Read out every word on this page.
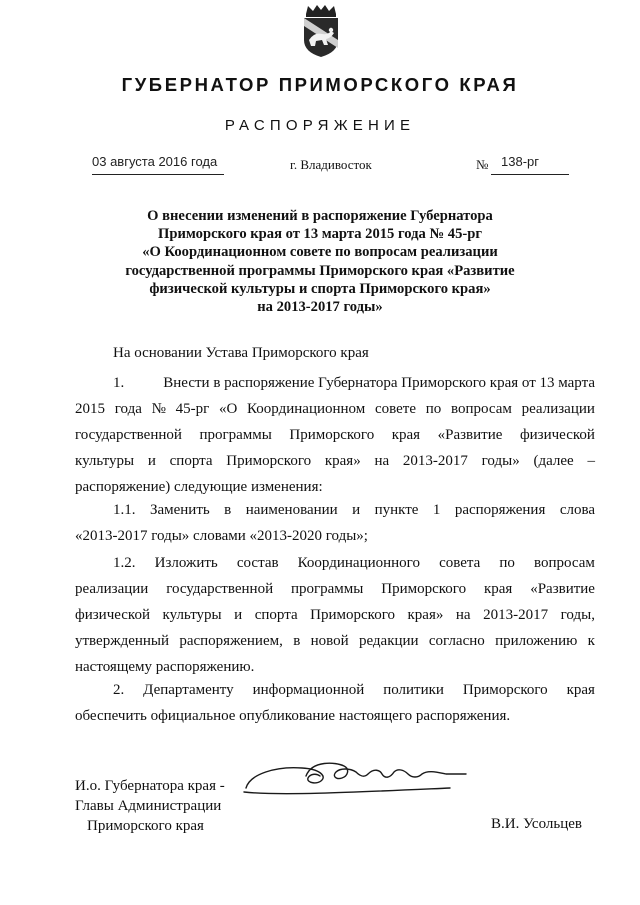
ГУБЕРНАТОР ПРИМОРСКОГО КРАЯ
РАСПОРЯЖЕНИЕ
03 августа 2016 года	г. Владивосток	№ 138-рг
О внесении изменений в распоряжение Губернатора
Приморского края от 13 марта 2015 года № 45-рг
«О Координационном совете по вопросам реализации
государственной программы Приморского края «Развитие
физической культуры и спорта Приморского края»
на 2013-2017 годы»
На основании Устава Приморского края
1.	Внести в распоряжение Губернатора Приморского края от 13 марта
2015 года № 45-рг «О Координационном совете по вопросам реализации
государственной программы Приморского края «Развитие физической
культуры и спорта Приморского края» на 2013-2017 годы» (далее –
распоряжение) следующие изменения:
1.1. Заменить в наименовании и пункте 1 распоряжения слова
«2013-2017 годы» словами «2013-2020 годы»;
1.2. Изложить состав Координационного совета по вопросам
реализации государственной программы Приморского края «Развитие
физической культуры и спорта Приморского края» на 2013-2017 годы,
утвержденный распоряжением, в новой редакции согласно приложению к
настоящему распоряжению.
2. Департаменту информационной политики Приморского края
обеспечить официальное опубликование настоящего распоряжения.
И.о. Губернатора края -
Главы Администрации
Приморского края	В.И. Усольцев
